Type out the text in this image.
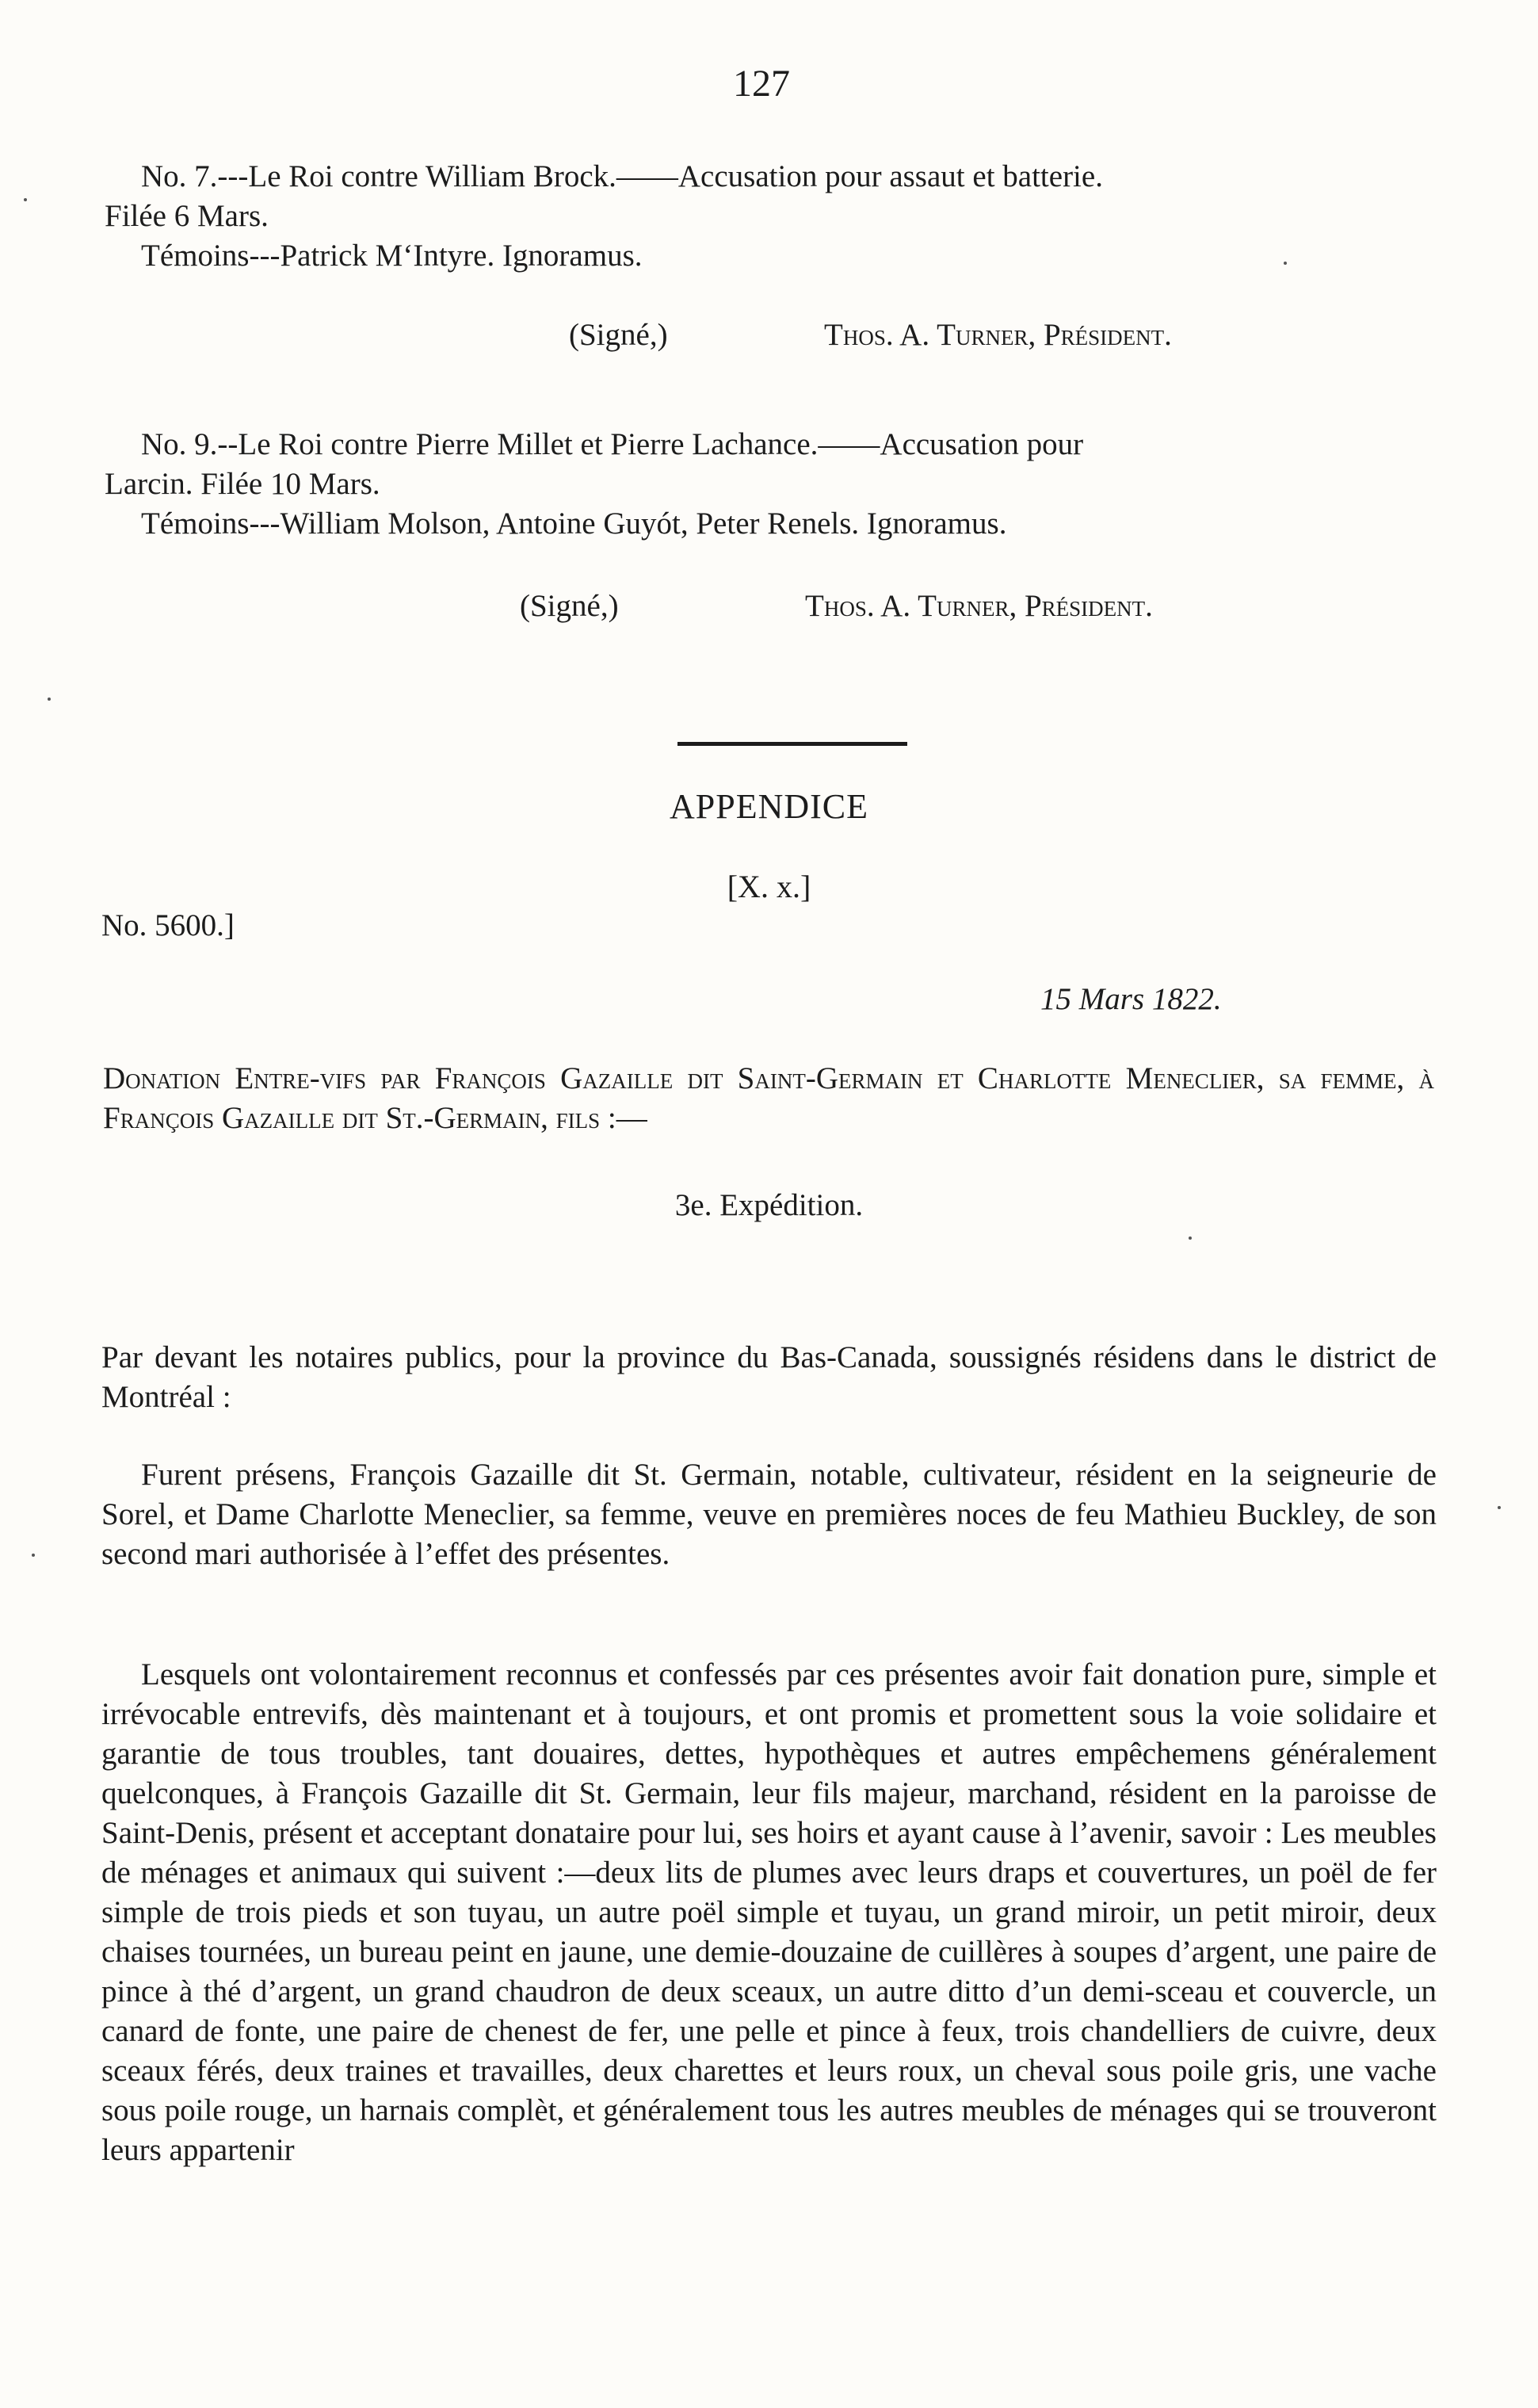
127
No. 7.---Le Roi contre William Brock.——Accusation pour assaut et batterie.
Filée 6 Mars.
Témoins---Patrick M‘Intyre. Ignoramus.
(Signé,)	Thos. A. Turner, Président.
No. 9.--Le Roi contre Pierre Millet et Pierre Lachance.——Accusation pour
Larcin. Filée 10 Mars.
Témoins---William Molson, Antoine Guyót, Peter Renels. Ignoramus.
(Signé,)	Thos. A. Turner, Président.
APPENDICE
[X. x.]
No. 5600.]
15 Mars 1822.
Donation Entre-vifs par François Gazaille dit Saint-Germain et Charlotte Meneclier, sa femme, à François Gazaille dit St.-Germain, fils :—
3e. Expédition.
Par devant les notaires publics, pour la province du Bas-Canada, soussignés résidens dans le district de Montréal :
Furent présens, François Gazaille dit St. Germain, notable, cultivateur, résident en la seigneurie de Sorel, et Dame Charlotte Meneclier, sa femme, veuve en premières noces de feu Mathieu Buckley, de son second mari authorisée à l’effet des présentes.
Lesquels ont volontairement reconnus et confessés par ces présentes avoir fait donation pure, simple et irrévocable entrevifs, dès maintenant et à toujours, et ont promis et promettent sous la voie solidaire et garantie de tous troubles, tant douaires, dettes, hypothèques et autres empêchemens généralement quelconques, à François Gazaille dit St. Germain, leur fils majeur, marchand, résident en la paroisse de Saint-Denis, présent et acceptant donataire pour lui, ses hoirs et ayant cause à l’avenir, savoir : Les meubles de ménages et animaux qui suivent :—deux lits de plumes avec leurs draps et couvertures, un poël de fer simple de trois pieds et son tuyau, un autre poël simple et tuyau, un grand miroir, un petit miroir, deux chaises tournées, un bureau peint en jaune, une demie-douzaine de cuillères à soupes d’argent, une paire de pince à thé d’argent, un grand chaudron de deux sceaux, un autre ditto d’un demi-sceau et couvercle, un canard de fonte, une paire de chenest de fer, une pelle et pince à feux, trois chandelliers de cuivre, deux sceaux férés, deux traines et travailles, deux charettes et leurs roux, un cheval sous poile gris, une vache sous poile rouge, un harnais complèt, et généralement tous les autres meubles de ménages qui se trouveront leurs appartenir
